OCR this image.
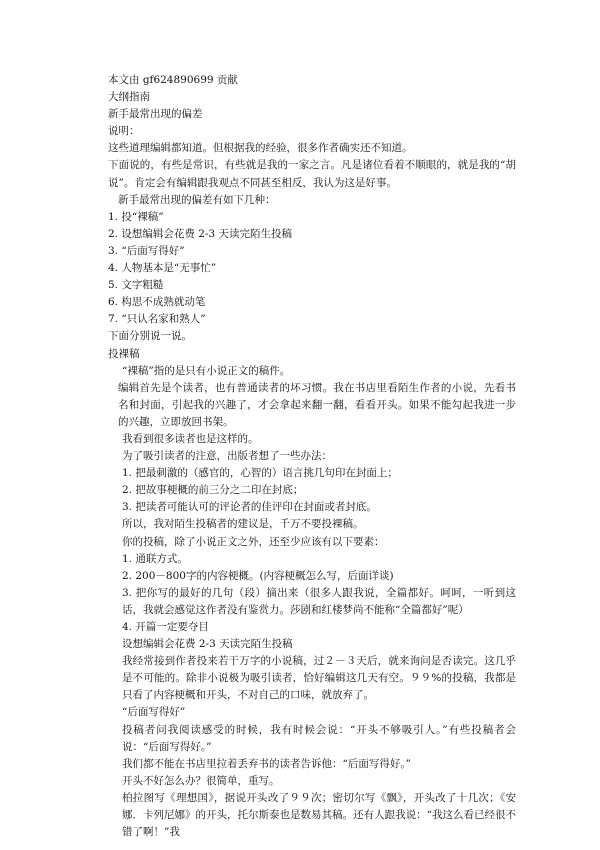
本文由 gf624890699 贡献
大纲指南
新手最常出现的偏差
说明：
这些道理编辑都知道。但根据我的经验，很多作者确实还不知道。
下面说的，有些是常识，有些就是我的一家之言。凡是诸位看着不顺眼的，就是我的“胡说”。肯定会有编辑跟我观点不同甚至相反，我认为这是好事。
新手最常出现的偏差有如下几种：
1. 投“裸稿”
2. 设想编辑会花费 2-3 天读完陌生投稿
3. “后面写得好”
4. 人物基本是“无事忙”
5. 文字粗糙
6. 构思不成熟就动笔
7. “只认名家和熟人”
下面分别说一说。
投裸稿
“裸稿”指的是只有小说正文的稿件。
编辑首先是个读者，也有普通读者的坏习惯。我在书店里看陌生作者的小说，先看书名和封面，引起我的兴趣了，才会拿起来翻一翻，看看开头。如果不能勾起我进一步的兴趣，立即放回书架。
我看到很多读者也是这样的。
为了吸引读者的注意，出版者想了一些办法：
1. 把最刺激的（感官的，心智的）语言挑几句印在封面上；
2. 把故事梗概的前三分之二印在封底；
3. 把读者可能认可的评论者的佳评印在封面或者封底。
所以，我对陌生投稿者的建议是，千万不要投裸稿。
你的投稿，除了小说正文之外，还至少应该有以下要素：
1. 通联方式。
2. 200－800字的内容梗概。(内容梗概怎么写，后面详谈)
3. 把你写的最好的几句（段）摘出来（很多人跟我说，全篇都好。呵呵，一听到这话，我就会感觉这作者没有鉴赏力。莎剧和红楼梦尚不能称“全篇都好”呢）
4. 开篇一定要夺目
设想编辑会花费 2-3 天读完陌生投稿
我经常接到作者投来若干万字的小说稿，过２－３天后，就来询问是否读完。这几乎是不可能的。除非小说极为吸引读者，恰好编辑这几天有空。９９%的投稿，我都是只看了内容梗概和开头，不对自己的口味，就放弃了。
“后面写得好”
投稿者问我阅读感受的时候，我有时候会说：“开头不够吸引人。”有些投稿者会说：“后面写得好。”
我们都不能在书店里拉着丢弃书的读者告诉他：“后面写得好。”
开头不好怎么办？很简单，重写。
柏拉图写《理想国》，据说开头改了９９次；密切尔写《飘》，开头改了十几次；《安娜．卡列尼娜》的开头，托尔斯泰也是数易其稿。还有人跟我说：“我这么看已经很不错了啊！”我
